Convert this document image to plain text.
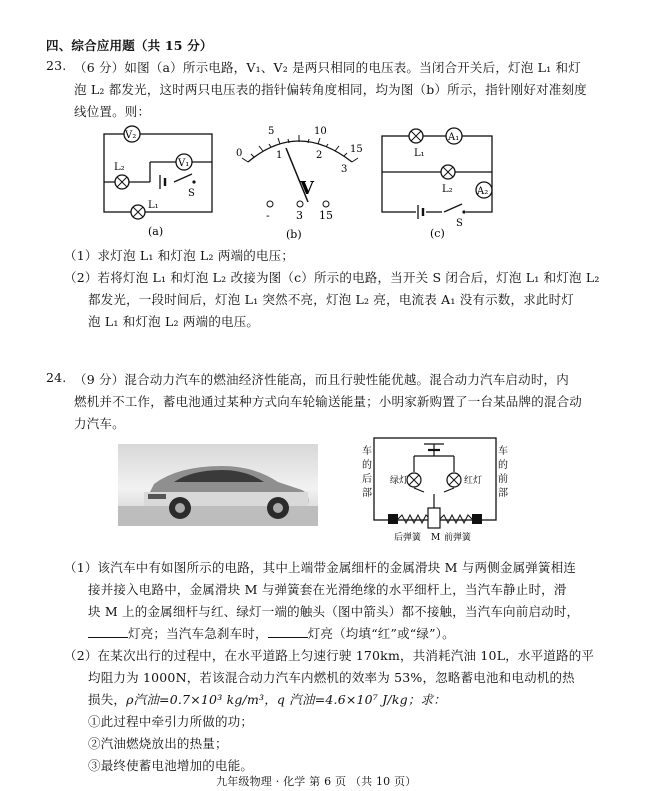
四、综合应用题（共 15 分）
23. （6 分）如图（a）所示电路，V₁、V₂ 是两只相同的电压表。当闭合开关后，灯泡 L₁ 和灯
泡 L₂ 都发光，这时两只电压表的指针偏转角度相同，均为图（b）所示，指针刚好对准刻度
线位置。则：
V₂
V₁
L₂
S
L₁
(a)
5	10
15
0	1	2
3
V
- 3 15
(b)
L₁
A₁
L₂ A₂
S
(c)
（1）求灯泡 L₁ 和灯泡 L₂ 两端的电压；
（2）若将灯泡 L₁ 和灯泡 L₂ 改接为图（c）所示的电路，当开关 S 闭合后，灯泡 L₁ 和灯泡 L₂
都发光，一段时间后，灯泡 L₁ 突然不亮，灯泡 L₂ 亮，电流表 A₁ 没有示数，求此时灯
泡 L₁ 和灯泡 L₂ 两端的电压。
24. （9 分）混合动力汽车的燃油经济性能高，而且行驶性能优越。混合动力汽车启动时，内
燃机并不工作，蓄电池通过某种方式向车轮输送能量；小明家新购置了一台某品牌的混合动
力汽车。
车的后部
车的前部
绿灯	红灯
后弹簧 M 前弹簧
（1）该汽车中有如图所示的电路，其中上端带金属细杆的金属滑块 M 与两侧金属弹簧相连
接并接入电路中，金属滑块 M 与弹簧套在光滑绝缘的水平细杆上，当汽车静止时，滑
块 M 上的金属细杆与红、绿灯一端的触头（图中箭头）都不接触，当汽车向前启动时，
灯亮；当汽车急刹车时，	灯亮（均填“红”或“绿”）。
（2）在某次出行的过程中，在水平道路上匀速行驶 170km，共消耗汽油 10L，水平道路的平
均阻力为 1000N，若该混合动力汽车内燃机的效率为 53%，忽略蓄电池和电动机的热
损失，ρ汽油=0.7×10³ kg/m³，q 汽油=4.6×10⁷ J/kg；求：
①此过程中牵引力所做的功；
②汽油燃烧放出的热量；
③最终使蓄电池增加的电能。
九年级物理 · 化学 第 6 页 （共 10 页）
